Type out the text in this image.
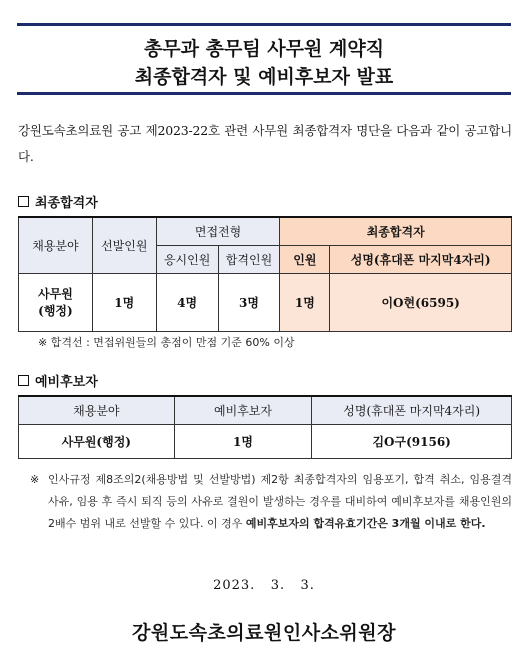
총무과 총무팀 사무원 계약직
최종합격자 및 예비후보자 발표
강원도속초의료원 공고 제2023-22호 관련 사무원 최종합격자 명단을 다음과 같이 공고합니다.
최종합격자
채용분야	선발인원	면접전형		최종합격자	
		응시인원	합격인원	인원	성명(휴대폰 마지막4자리)

사무원
(행정)	1명	4명	3명	1명	이O현(6595)
※ 합격선 : 면접위원들의 총점이 만점 기준 60% 이상
예비후보자
채용분야	예비후보자	성명(휴대폰 마지막4자리)
사무원(행정)	1명	김O구(9156)
※ 인사규정 제8조의2(채용방법 및 선발방법) 제2항 최종합격자의 임용포기, 합격 취소, 임용결격 사유, 임용 후 즉시 퇴직 등의 사유로 결원이 발생하는 경우를 대비하여 예비후보자를 채용인원의 2배수 범위 내로 선발할 수 있다. 이 경우 예비후보자의 합격유효기간은 3개월 이내로 한다.
2023.   3.   3.
강원도속초의료원인사소위원장
